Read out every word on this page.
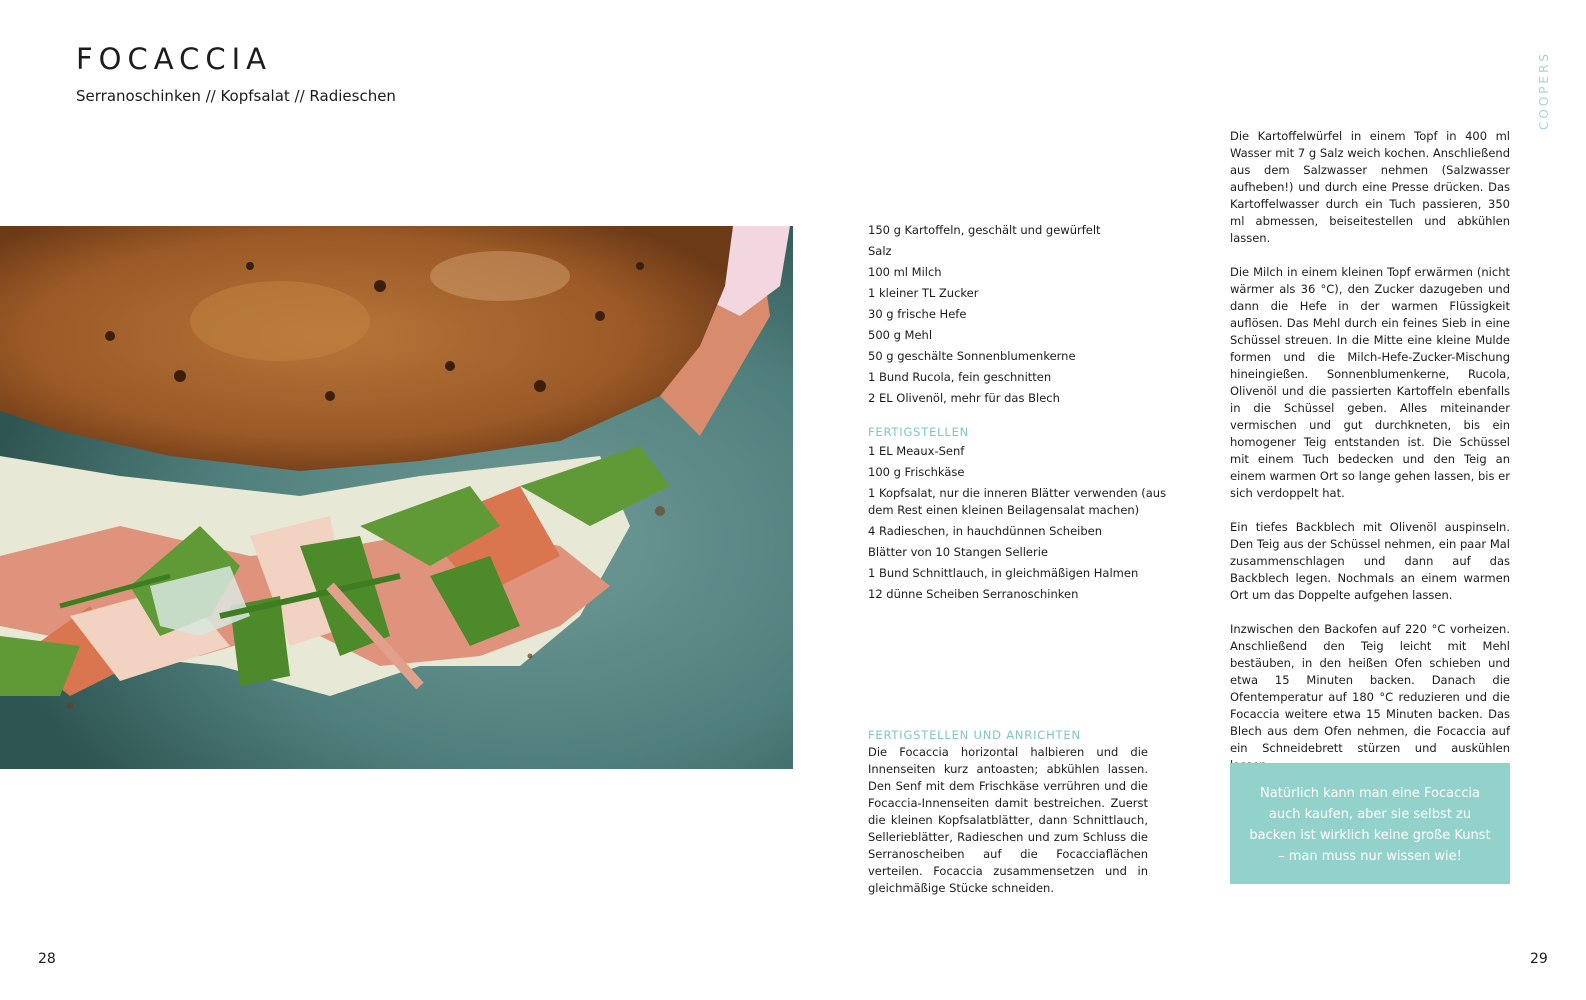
FOCACCIA
Serranoschinken // Kopfsalat // Radieschen
150 g Kartoffeln, geschält und gewürfelt
Salz
100 ml Milch
1 kleiner TL Zucker
30 g frische Hefe
500 g Mehl
50 g geschälte Sonnenblumenkerne
1 Bund Rucola, fein geschnitten
2 EL Olivenöl, mehr für das Blech
FERTIGSTELLEN
1 EL Meaux-Senf
100 g Frischkäse
1 Kopfsalat, nur die inneren Blätter verwenden (aus dem Rest einen kleinen Beilagensalat machen)
4 Radieschen, in hauchdünnen Scheiben
Blätter von 10 Stangen Sellerie
1 Bund Schnittlauch, in gleichmäßigen Halmen
12 dünne Scheiben Serranoschinken
FERTIGSTELLEN UND ANRICHTEN

Die Focaccia horizontal halbieren und die Innenseiten kurz antoasten; abkühlen lassen. Den Senf mit dem Frischkäse verrühren und die Focaccia-Innenseiten damit bestreichen. Zuerst die kleinen Kopfsalatblätter, dann Schnittlauch, Sellerieblätter, Radieschen und zum Schluss die Serranoscheiben auf die Focacciaflächen verteilen. Focaccia zusammensetzen und in gleichmäßige Stücke schneiden.

Die Kartoffelwürfel in einem Topf in 400 ml Wasser mit 7 g Salz weich kochen. Anschließend aus dem Salzwasser nehmen (Salzwasser aufheben!) und durch eine Presse drücken. Das Kartoffelwasser durch ein Tuch passieren, 350 ml abmessen, beiseitestellen und abkühlen lassen.

Die Milch in einem kleinen Topf erwärmen (nicht wärmer als 36 °C), den Zucker dazugeben und dann die Hefe in der warmen Flüssigkeit auflösen. Das Mehl durch ein feines Sieb in eine Schüssel streuen. In die Mitte eine kleine Mulde formen und die Milch-Hefe-Zucker-Mischung hineingießen. Sonnenblumenkerne, Rucola, Olivenöl und die passierten Kartoffeln ebenfalls in die Schüssel geben. Alles miteinander vermischen und gut durchkneten, bis ein homogener Teig entstanden ist. Die Schüssel mit einem Tuch bedecken und den Teig an einem warmen Ort so lange gehen lassen, bis er sich verdoppelt hat.

Ein tiefes Backblech mit Olivenöl auspinseln. Den Teig aus der Schüssel nehmen, ein paar Mal zusammenschlagen und dann auf das Backblech legen. Nochmals an einem warmen Ort um das Doppelte aufgehen lassen.

Inzwischen den Backofen auf 220 °C vorheizen. Anschließend den Teig leicht mit Mehl bestäuben, in den heißen Ofen schieben und etwa 15 Minuten backen. Danach die Ofentemperatur auf 180 °C reduzieren und die Focaccia weitere etwa 15 Minuten backen. Das Blech aus dem Ofen nehmen, die Focaccia auf ein Schneidebrett stürzen und auskühlen

Natürlich kann man eine Focaccia auch kaufen, aber sie selbst zu backen ist wirklich keine große Kunst – man muss nur wissen wie!
COOPERS
28	29
